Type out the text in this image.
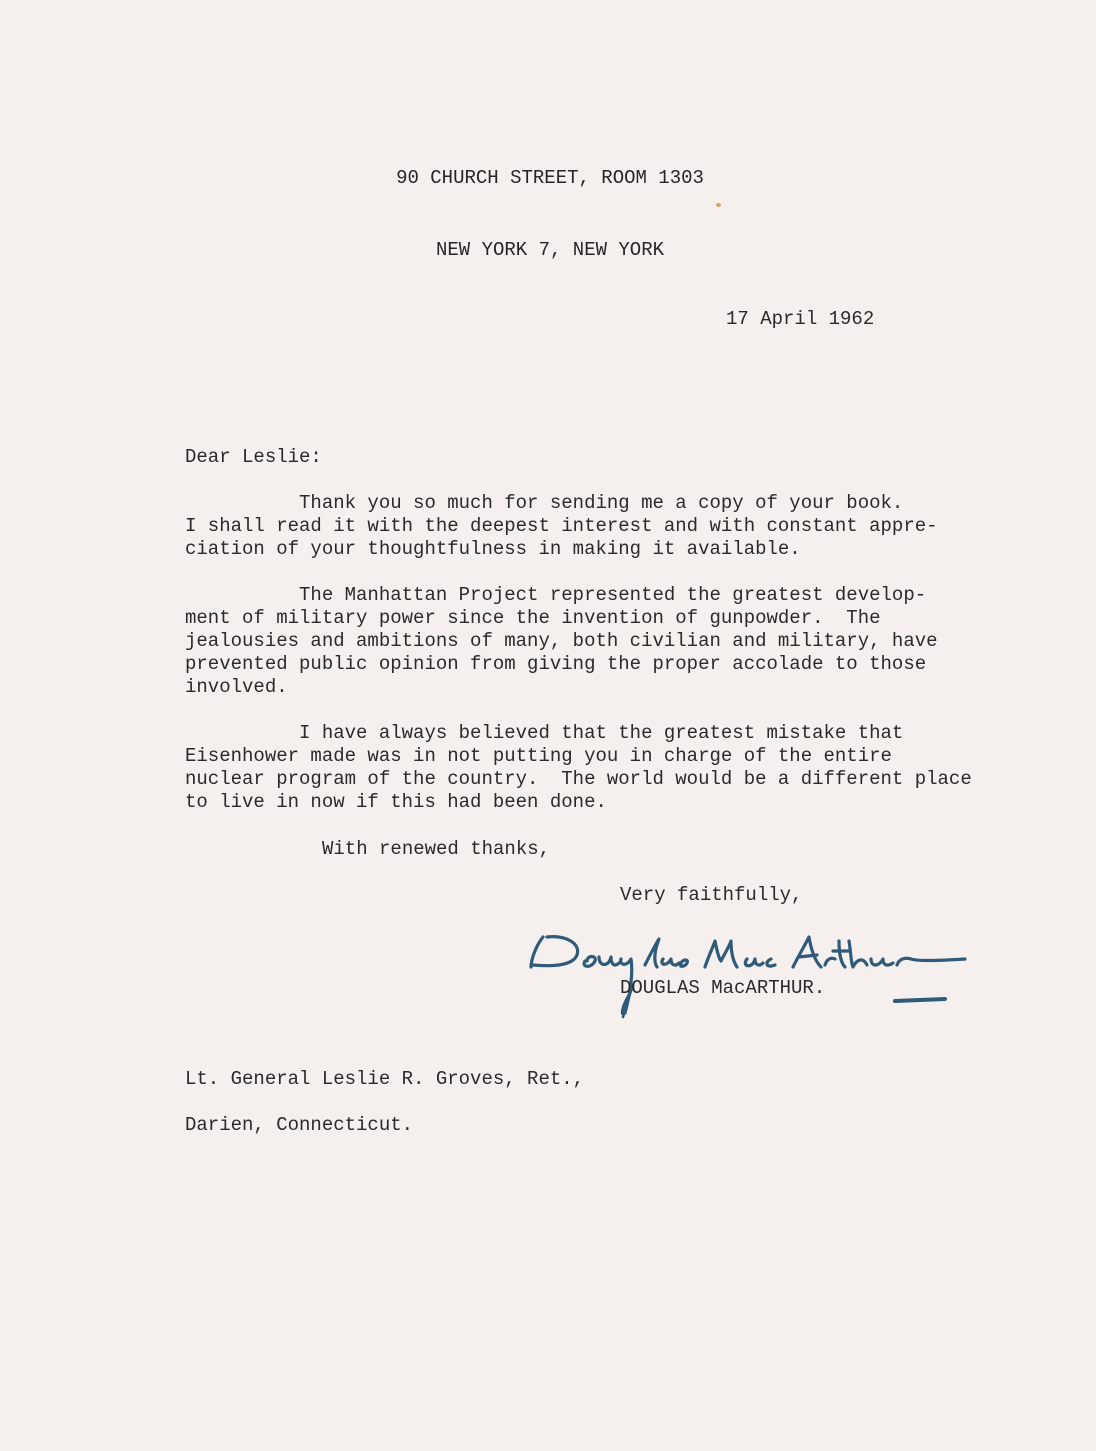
90 CHURCH STREET, ROOM 1303

NEW YORK 7, NEW YORK

17 April 1962
Dear Leslie:
Thank you so much for sending me a copy of your book.
I shall read it with the deepest interest and with constant appre-
ciation of your thoughtfulness in making it available.
The Manhattan Project represented the greatest develop-
ment of military power since the invention of gunpowder.  The
jealousies and ambitions of many, both civilian and military, have
prevented public opinion from giving the proper accolade to those
involved.
I have always believed that the greatest mistake that
Eisenhower made was in not putting you in charge of the entire
nuclear program of the country.  The world would be a different place
to live in now if this had been done.
With renewed thanks,
Very faithfully,
DOUGLAS MacARTHUR.
Lt. General Leslie R. Groves, Ret.,
Darien, Connecticut.
